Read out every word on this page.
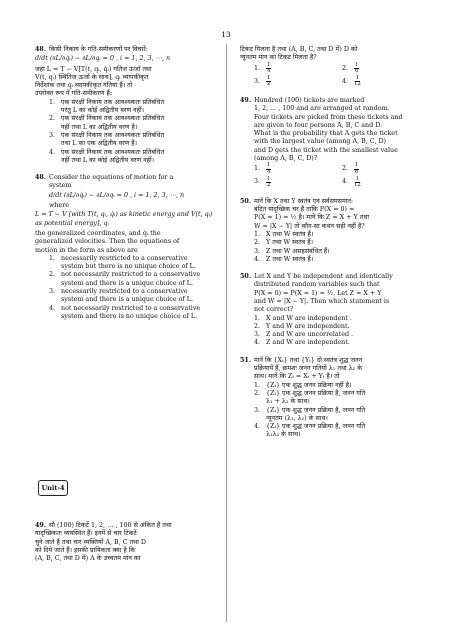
13
48. किसी निकाय के गति-समीकरणों पर विचारें:
d/dt (∂L/∂q̇ᵢ) − ∂L/∂qᵢ = 0 , i = 1, 2, 3, ⋯, n
जहां L = T − V[T(t, qᵢ, q̇ᵢ) गतिज ऊर्जा तथा
V(t, qᵢ) स्थितिज ऊर्जा के साथ], qᵢ व्यापकीकृत
निर्देशांक तथा q̇ᵢ व्यापकीकृत गतियां हैं। तो
उपरोक्त रूप में गति-समीकरण हैं:
1. एक संरक्षी निकाय तक आवश्यकतः प्रतिबंधित
परंतु L का कोई अद्वितीय वरण नहीं।
2. एक संरक्षी निकाय तक आवश्यकतः प्रतिबंधित
नहीं तथा L का अद्वितीय वरण है।
3. एक संरक्षी निकाय तक आवश्यकतः प्रतिबंधित
तथा L का एक अद्वितीय वरण है।
4. एक संरक्षी निकाय तक आवश्यकतः प्रतिबंधित
नहीं तथा L का कोई अद्वितीय वरण नहीं।
48. Consider the equations of motion for a
system
d/dt (∂L/∂q̇ᵢ) − ∂L/∂qᵢ = 0 , i = 1, 2, 3, ⋯, n
where
L = T − V [with T(t, qᵢ, q̇ᵢ) as kinetic energy and V(t, qᵢ) as potential energy], qᵢ
the generalized coordinates, and q̇ᵢ the
generalized velocities. Then the equations of
motion in the form as above are
1. necessarily restricted to a conservative
system but there is no unique choice of L.
2. not necessarily restricted to a conservative
system and there is a unique choice of L.
3. necessarily restricted to a conservative
system and there is a unique choice of L.
4. not necessarily restricted to a conservative
system and there is no unique choice of L.
Unit-4
49. सौ (100) टिकटें 1, 2, … , 100 से अंकित हैं तथा
यादृच्छिकतः व्यवस्थित हैं। इनमें से चार टिकटें
चुने जाते हैं तथा चार व्यक्तियों A, B, C तथा D
को दिये जाते हैं। इसकी प्रायिकता क्या है कि
(A, B, C, तथा D में) A के उच्चतम मान का
टिकट मिलता है तथा (A, B, C, तथा D में) D को
न्यूनतम मान का टिकट मिलता है?
1.	$\frac{1}{4}$	2.	$\frac{1}{6}$
3.	$\frac{1}{2}$	4.	$\frac{1}{12}$
49. Hundred (100) tickets are marked
1, 2, ... , 100 and are arranged at random.
Four tickets are picked from these tickets and
are given to four persons A, B, C and D.
What is the probability that A gets the ticket
with the largest value (among A, B, C, D)
and D gets the ticket with the smallest value
(among A, B, C, D)?
1.	$\frac{1}{4}$	2.	$\frac{1}{6}$
3.	$\frac{1}{2}$	4.	$\frac{1}{12}$
50. मानें कि X तथा Y स्वतंत्र एवं सर्वसमसमान:
बंटित यादृच्छिक चर हैं ताकि P(X = 0) =
P(X = 1) = ½ है। मानें कि Z = X + Y तथा
W = |X − Y| तो कौन-सा कथन सही नहीं है?
1. X तथा W स्वतंत्र हैं।
2. Y तथा W स्वतंत्र हैं।
3. Z तथा W असहसंबंधित हैं।
4. Z तथा W स्वतंत्र हैं।
50. Let X and Y be independent and identically
distributed random variables such that
P(X = 0) = P(X = 1) = ½. Let Z = X + Y
and W = |X − Y|. Then which statement is
not correct?
1. X and W are independent .
2. Y and W are independent.
3. Z and W are uncorrelated .
4. Z and W are independent.
51. मानें कि {Xₜ} तथा {Yₜ} दो स्वतंत्र शुद्ध जनन
प्रक्रियायें हैं, क्रमशः जनन गतियों λ₁ तथा λ₂ के
साथ। मानें कि Zₜ = Xₜ + Yₜ है। तो
1. {Zₜ} एक शुद्ध जनन प्रक्रिया नहीं है।
2. {Zₜ} एक शुद्ध जनन प्रक्रिया है, जनन गति
λ₁ + λ₂ के साथ।
3. {Zₜ} एक शुद्ध जनन प्रक्रिया है, जनन गति
न्यूनतम (λ₁, λ₂) के साथ।
4. {Zₜ} एक शुद्ध जनन प्रक्रिया है, जनन गति
λ₁λ₂ के साथ।
